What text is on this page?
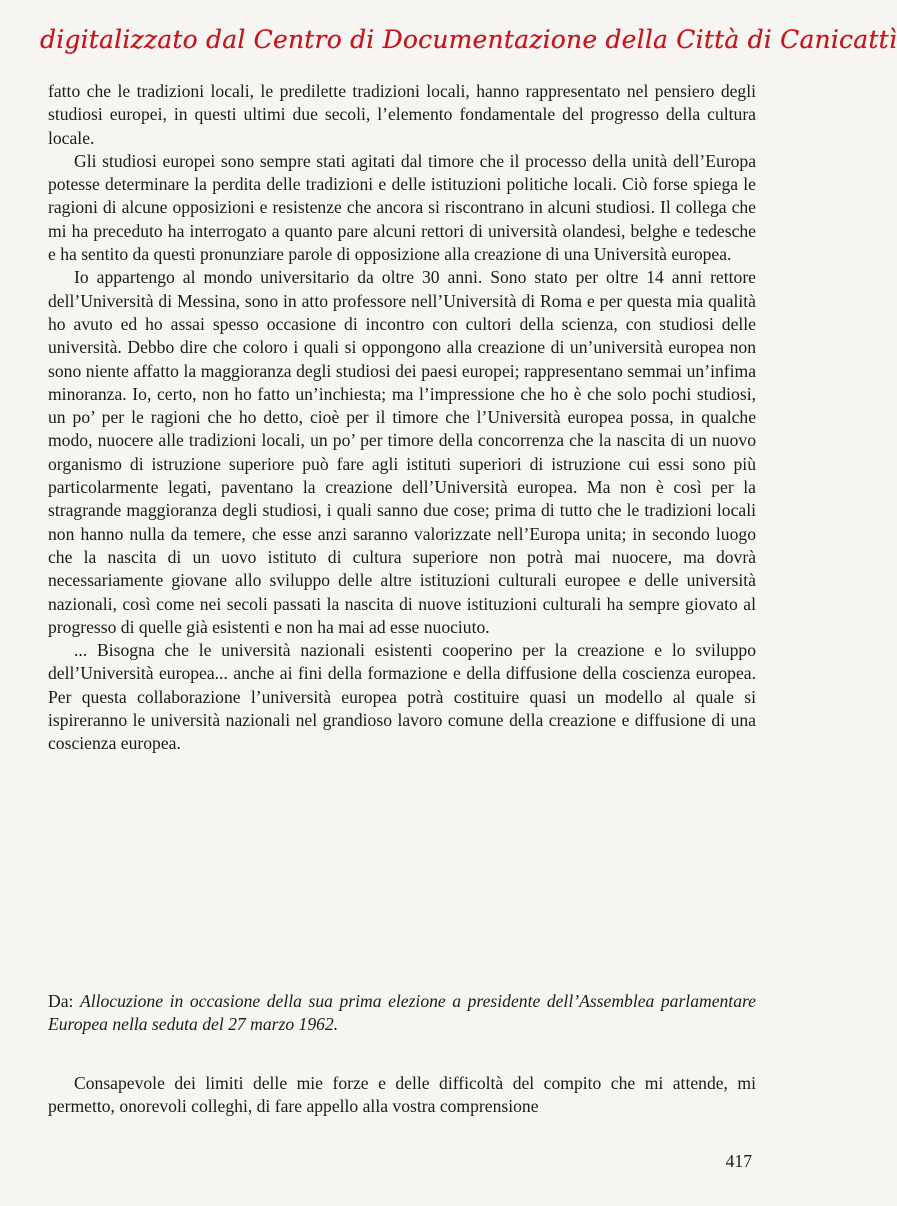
digitalizzato dal Centro di Documentazione della Città di Canicattì

fatto che le tradizioni locali, le predilette tradizioni locali, hanno rappresentato nel pensiero degli studiosi europei, in questi ultimi due secoli, l’elemento fondamentale del progresso della cultura locale.

Gli studiosi europei sono sempre stati agitati dal timore che il processo della unità dell’Europa potesse determinare la perdita delle tradizioni e delle istituzioni politiche locali. Ciò forse spiega le ragioni di alcune opposizioni e resistenze che ancora si riscontrano in alcuni studiosi. Il collega che mi ha preceduto ha interrogato a quanto pare alcuni rettori di università olandesi, belghe e tedesche e ha sentito da questi pronunziare parole di opposizione alla creazione di una Università europea.

Io appartengo al mondo universitario da oltre 30 anni. Sono stato per oltre 14 anni rettore dell’Università di Messina, sono in atto professore nell’Università di Roma e per questa mia qualità ho avuto ed ho assai spesso occasione di incontro con cultori della scienza, con studiosi delle università. Debbo dire che coloro i quali si oppongono alla creazione di un’università europea non sono niente affatto la maggioranza degli studiosi dei paesi europei; rappresentano semmai un’infima minoranza. Io, certo, non ho fatto un’inchiesta; ma l’impressione che ho è che solo pochi studiosi, un po’ per le ragioni che ho detto, cioè per il timore che l’Università europea possa, in qualche modo, nuocere alle tradizioni locali, un po’ per timore della concorrenza che la nascita di un nuovo organismo di istruzione superiore può fare agli istituti superiori di istruzione cui essi sono più particolarmente legati, paventano la creazione dell’Università europea. Ma non è così per la stragrande maggioranza degli studiosi, i quali sanno due cose; prima di tutto che le tradizioni locali non hanno nulla da temere, che esse anzi saranno valorizzate nell’Europa unita; in secondo luogo che la nascita di un uovo istituto di cultura superiore non potrà mai nuocere, ma dovrà necessariamente giovane allo sviluppo delle altre istituzioni culturali europee e delle università nazionali, così come nei secoli passati la nascita di nuove istituzioni culturali ha sempre giovato al progresso di quelle già esistenti e non ha mai ad esse nuociuto.

... Bisogna che le università nazionali esistenti cooperino per la creazione e lo sviluppo dell’Università europea... anche ai fini della formazione e della diffusione della coscienza europea. Per questa collaborazione l’università europea potrà costituire quasi un modello al quale si ispireranno le università nazionali nel grandioso lavoro comune della creazione e diffusione di una coscienza europea.

Da: Allocuzione in occasione della sua prima elezione a presidente dell’Assemblea parlamentare Europea nella seduta del 27 marzo 1962.

Consapevole dei limiti delle mie forze e delle difficoltà del compito che mi attende, mi permetto, onorevoli colleghi, di fare appello alla vostra comprensione

417
